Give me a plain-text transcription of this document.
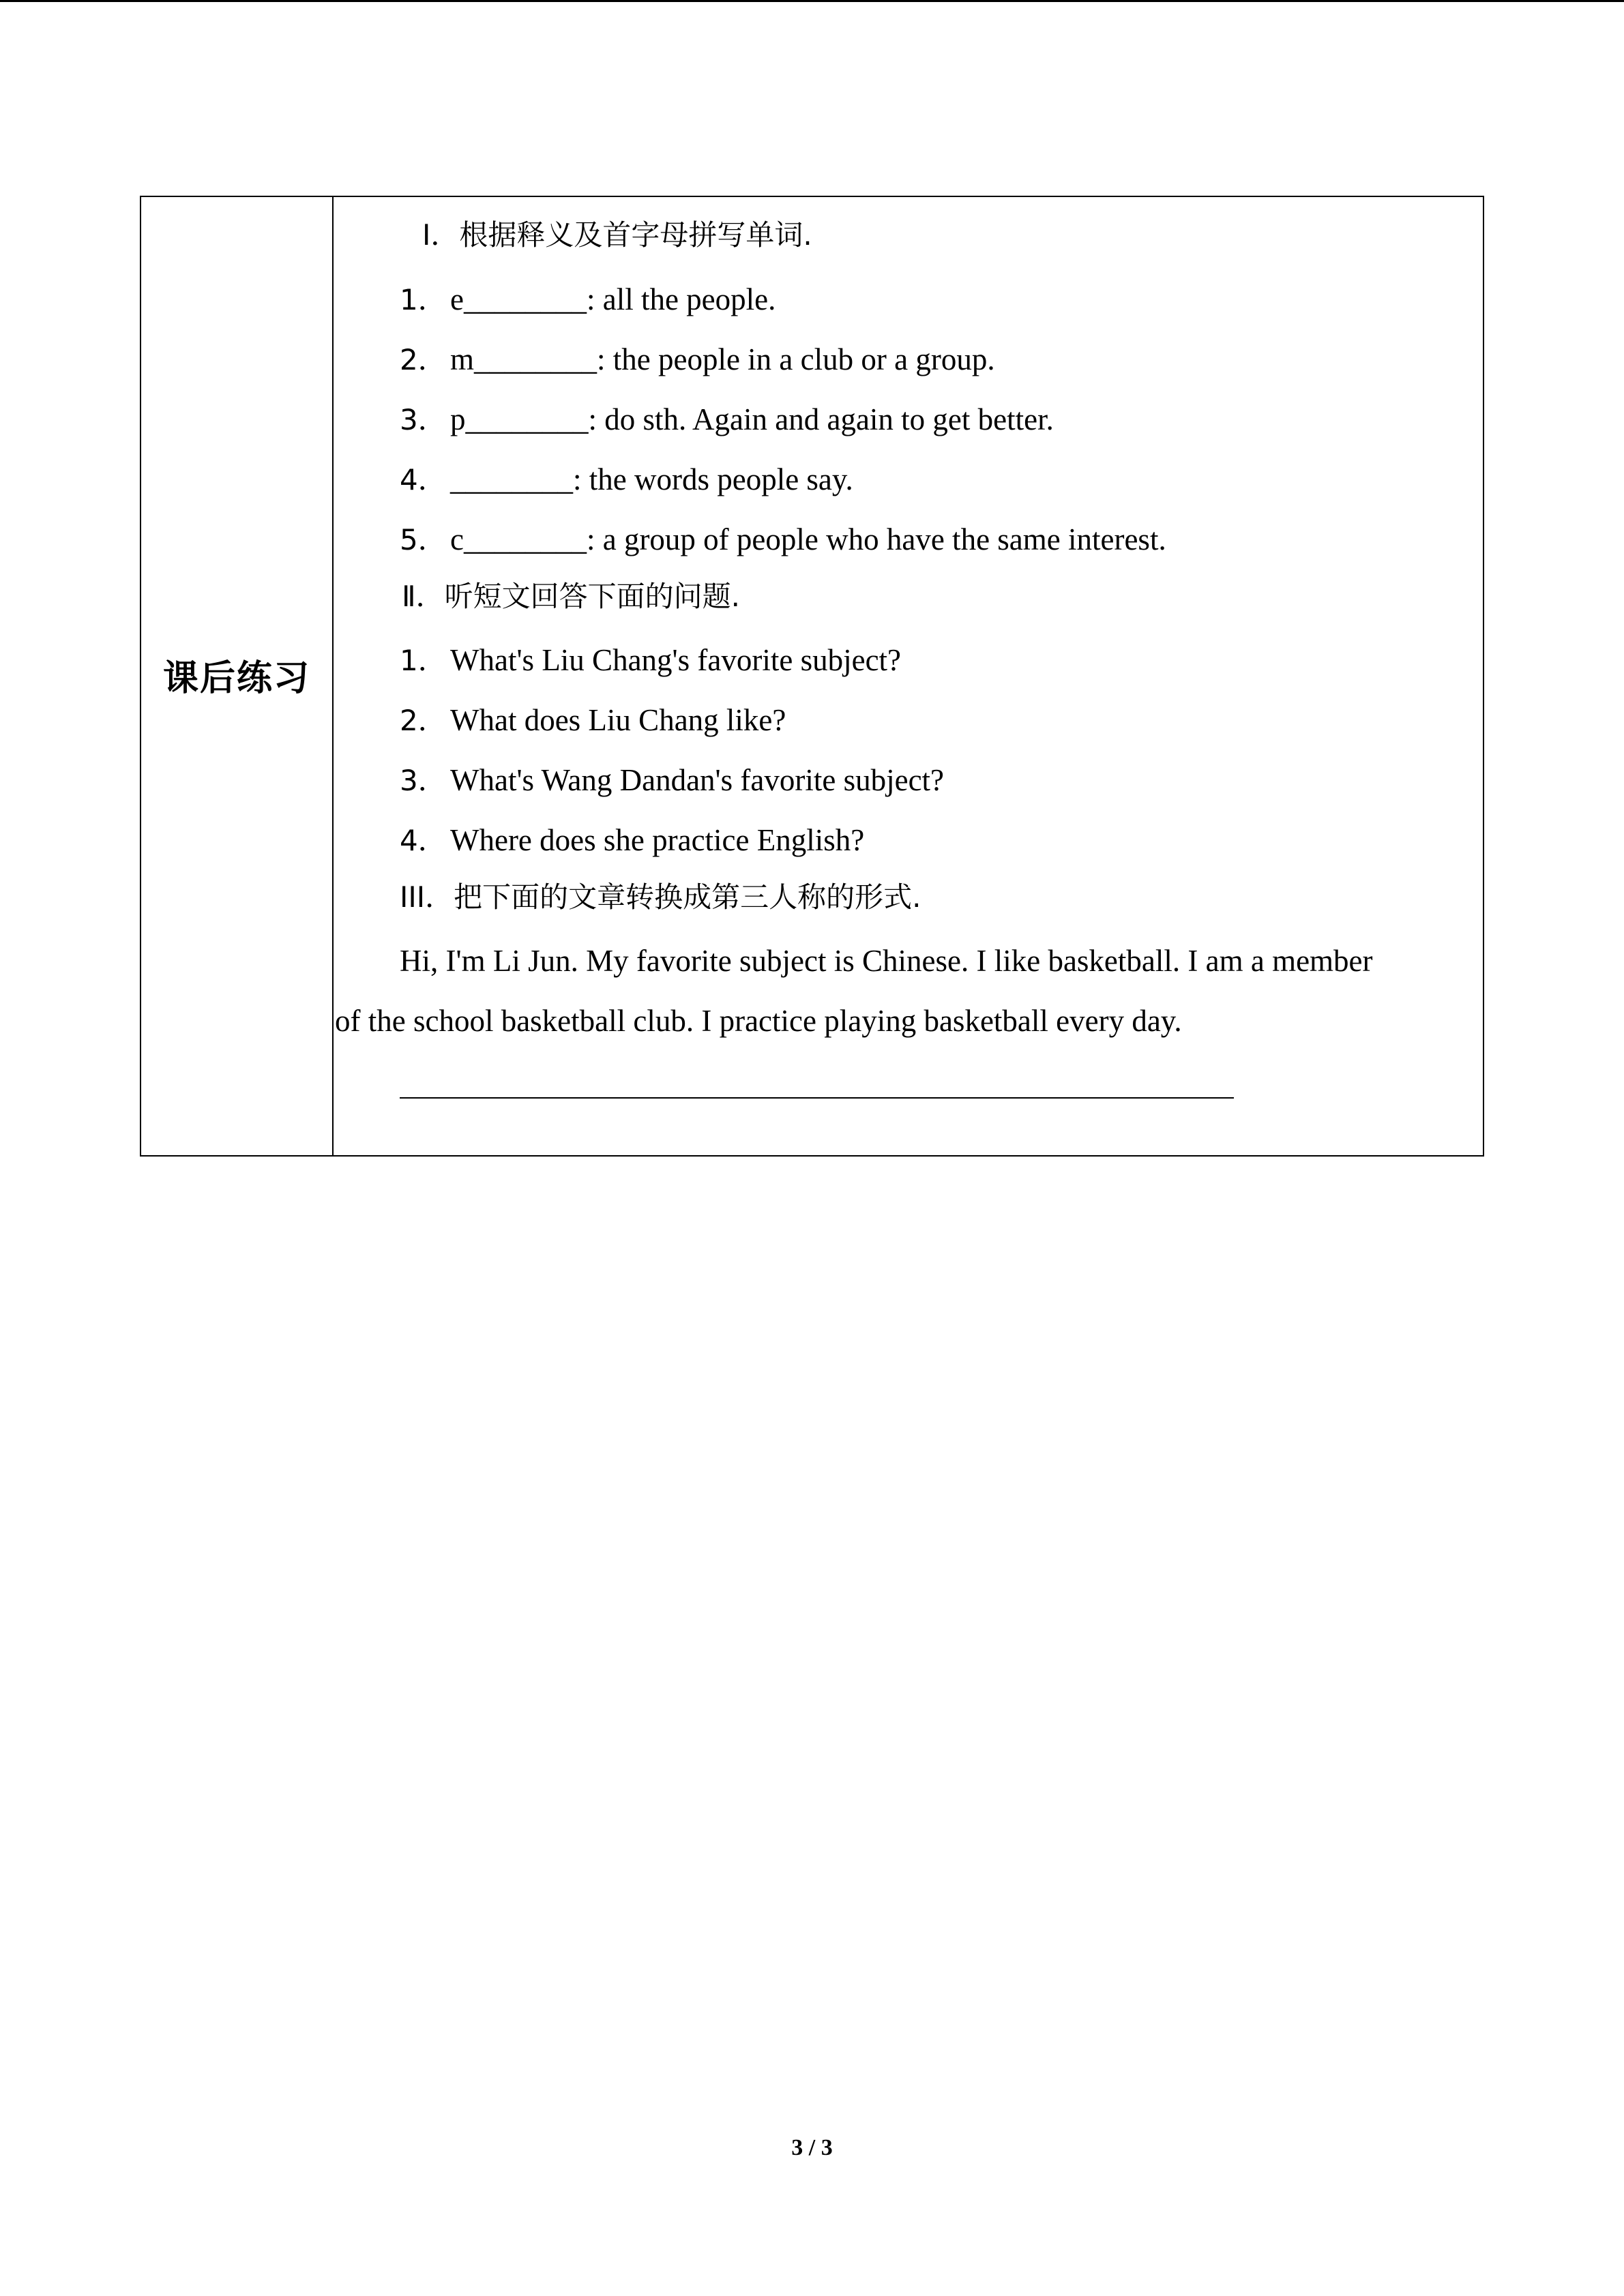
课后练习
Ⅰ．根据释义及首字母拼写单词.
1． e________: all the people.
2． m________: the people in a club or a group.
3． p________: do sth. Again and again to get better.
4． ________: the words people say.
5． c________: a group of people who have the same interest.
Ⅱ．听短文回答下面的问题.
1． What's Liu Chang's favorite subject?
2． What does Liu Chang like?
3． What's Wang Dandan's favorite subject?
4． Where does she practice English?
III．把下面的文章转换成第三人称的形式.
Hi, I'm Li Jun. My favorite subject is Chinese. I like basketball. I am a member
of the school basketball club. I practice playing basketball every day.
3 / 3
